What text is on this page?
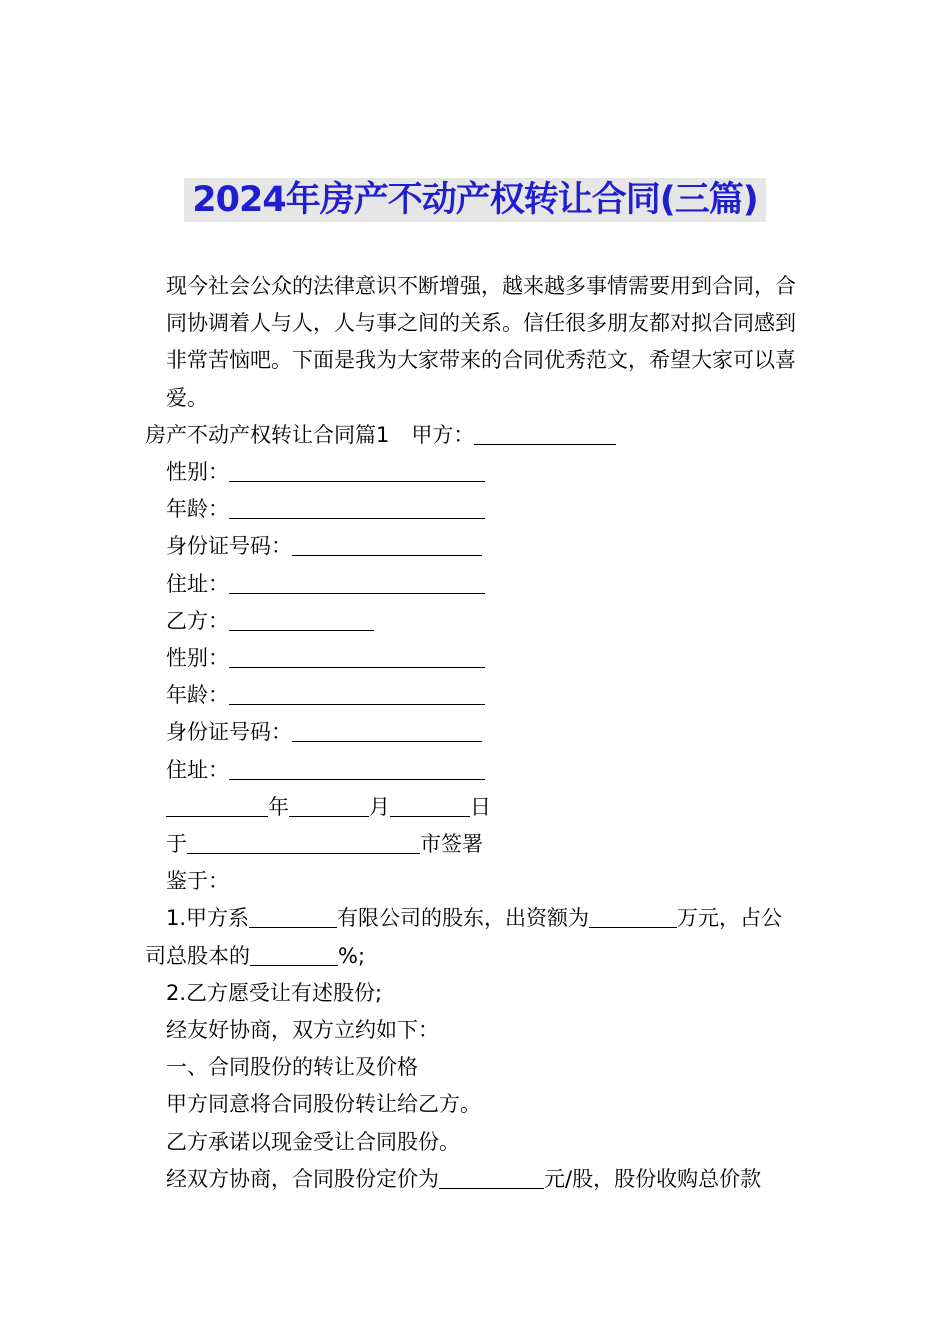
2024年房产不动产权转让合同(三篇)

现今社会公众的法律意识不断增强，越来越多事情需要用到合同，合同协调着人与人，人与事之间的关系。信任很多朋友都对拟合同感到非常苦恼吧。下面是我为大家带来的合同优秀范文，希望大家可以喜爱。

房产不动产权转让合同篇1 甲方：

性别：

年龄：

身份证号码：

住址：

乙方：

性别：

年龄：

身份证号码：

住址：

年	月	日

于	市签署

鉴于：

1.甲方系	有限公司的股东，出资额为	万元，占公

司总股本的	%;

2.乙方愿受让有述股份;

经友好协商，双方立约如下：

一、合同股份的转让及价格

甲方同意将合同股份转让给乙方。

乙方承诺以现金受让合同股份。

经双方协商，合同股份定价为	元/股，股份收购总价款
